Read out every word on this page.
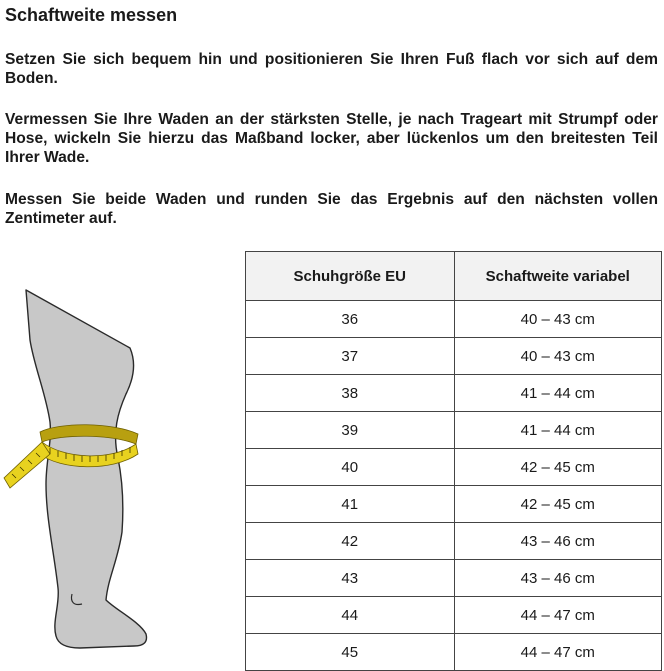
Schaftweite messen

Setzen Sie sich bequem hin und positionieren Sie Ihren Fuß flach vor sich auf dem Boden.

Vermessen Sie Ihre Waden an der stärksten Stelle, je nach Trageart mit Strumpf oder Hose, wickeln Sie hierzu das Maßband locker, aber lückenlos um den breitesten Teil Ihrer Wade.

Messen Sie beide Waden und runden Sie das Ergebnis auf den nächsten vollen Zentimeter auf.

Schuhgröße EU	Schaftweite variabel
36	40 – 43 cm
37	40 – 43 cm
38	41 – 44 cm
39	41 – 44 cm
40	42 – 45 cm
41	42 – 45 cm
42	43 – 46 cm
43	43 – 46 cm
44	44 – 47 cm
45	44 – 47 cm
